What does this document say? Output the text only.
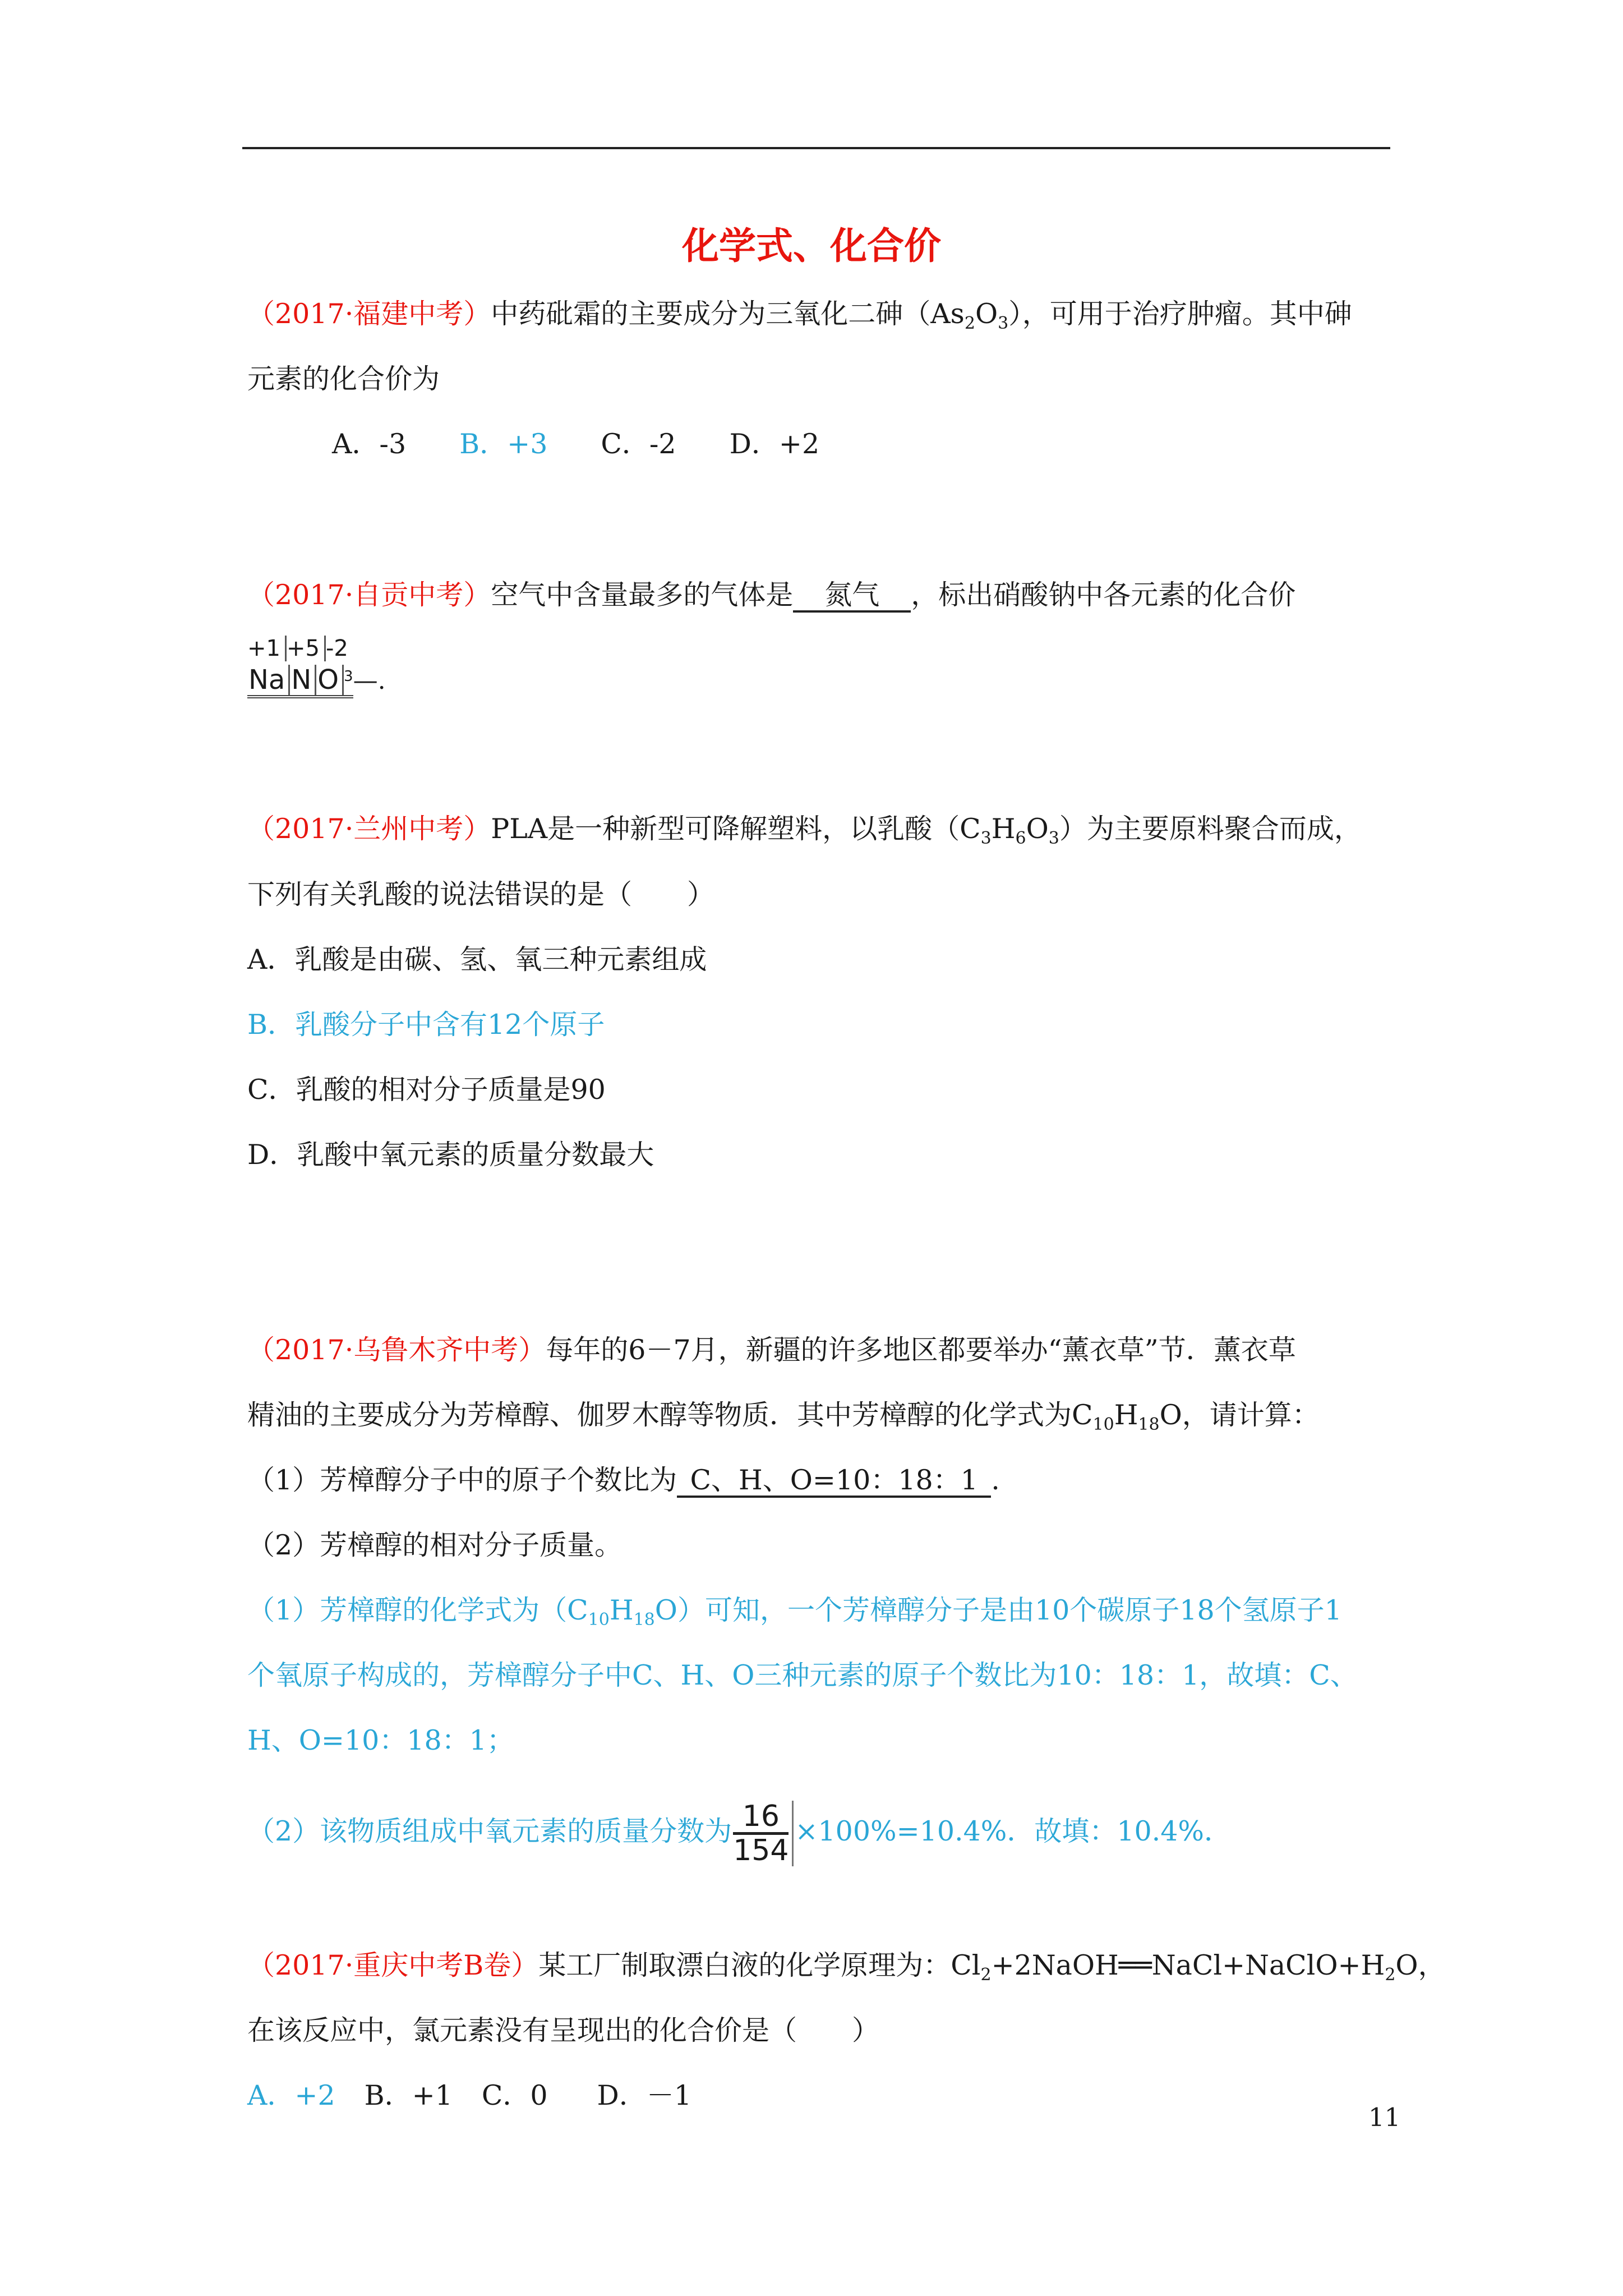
化学式、化合价
（2017·福建中考）中药砒霜的主要成分为三氧化二砷$(As_2O_3)$，可用于治疗肿瘤。其中砷
元素的化合价为
A．-3 B．+3 C．-2 D．+2
（2017·自贡中考）空气中含量最多的气体是 氮气 ，标出硝酸钠中各元素的化合价
+1 +5 -2
Na N O 3—.
（2017·兰州中考）PLA是一种新型可降解塑料，以乳酸$(C_3H_6O_3)$为主要原料聚合而成，
下列有关乳酸的说法错误的是（　　）
A．乳酸是由碳、氢、氧三种元素组成
B．乳酸分子中含有12个原子
C．乳酸的相对分子质量是90
D．乳酸中氧元素的质量分数最大
（2017·乌鲁木齐中考）每年的6－7月，新疆的许多地区都要举办“薰衣草”节．薰衣草
精油的主要成分为芳樟醇、伽罗木醇等物质．其中芳樟醇的化学式为$C_{10}H_{18}O$，请计算：
（1）芳樟醇分子中的原子个数比为 C、H、O=10：18：1 .
（2）芳樟醇的相对分子质量。
（1）芳樟醇的化学式为$(C_{10}H_{18}O)$可知，一个芳樟醇分子是由10个碳原子18个氢原子1
个氧原子构成的，芳樟醇分子中C、H、O三种元素的原子个数比为10：18：1，故填：C、
H、O=10：18：1；
（2）该物质组成中氧元素的质量分数为 $\frac{16}{154} \times 100\%=10.4\%$．故填：10.4%．
（2017·重庆中考B卷）某工厂制取漂白液的化学原理为：$Cl_2+2NaOH══NaCl+NaClO+H_2O$，
在该反应中，氯元素没有呈现出的化合价是（　　）
A．+2 B．+1 C．0 D．－1
11
